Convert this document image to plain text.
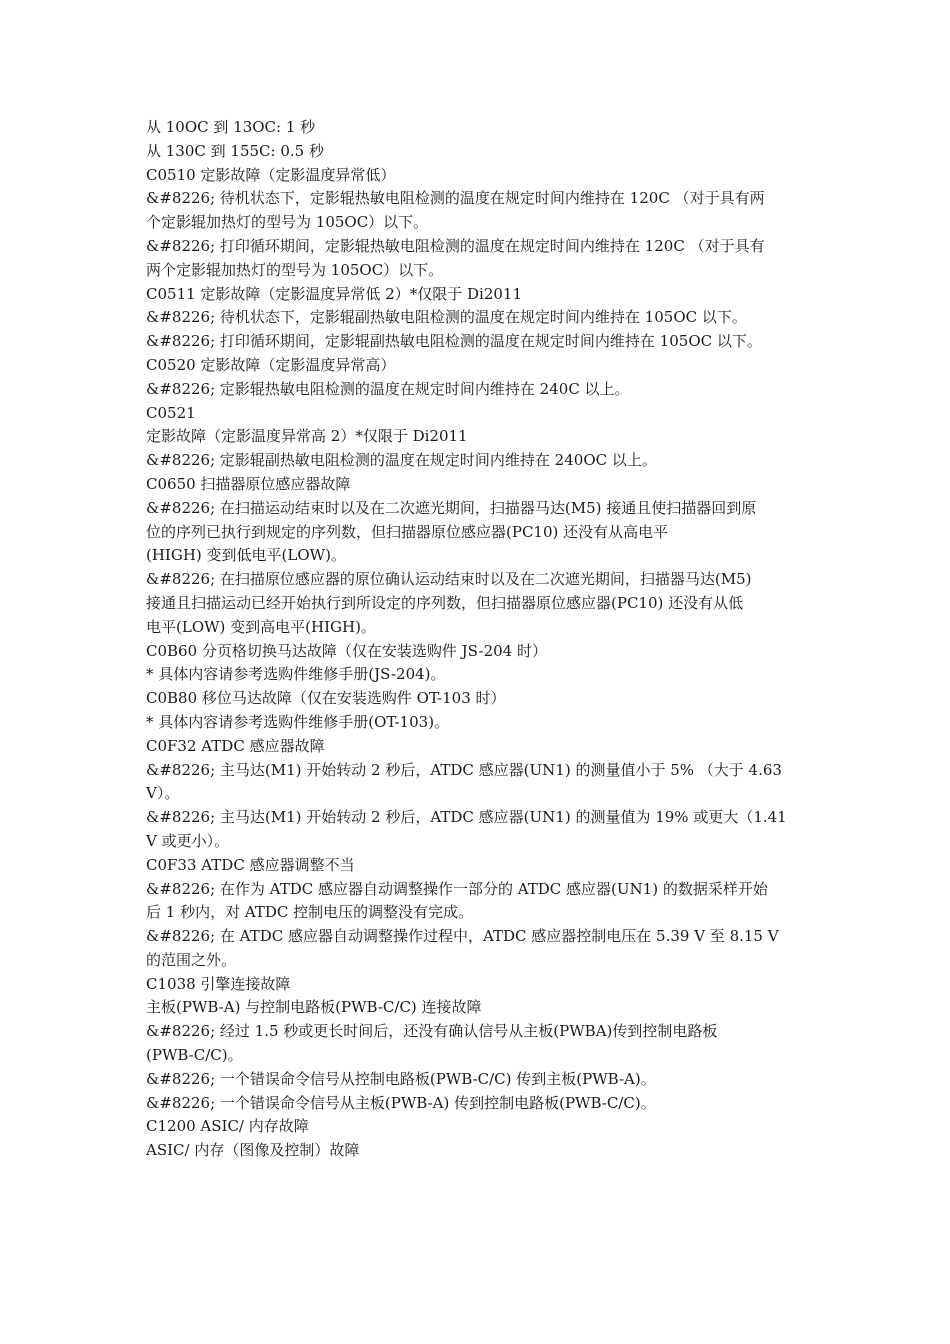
从 10OC 到 13OC: 1 秒
从 130C 到 155C: 0.5 秒
C0510 定影故障（定影温度异常低）
&#8226; 待机状态下，定影辊热敏电阻检测的温度在规定时间内维持在 120C （对于具有两
个定影辊加热灯的型号为 105OC）以下。
&#8226; 打印循环期间，定影辊热敏电阻检测的温度在规定时间内维持在 120C （对于具有
两个定影辊加热灯的型号为 105OC）以下。
C0511 定影故障（定影温度异常低 2）*仅限于 Di2011
&#8226; 待机状态下，定影辊副热敏电阻检测的温度在规定时间内维持在 105OC 以下。
&#8226; 打印循环期间，定影辊副热敏电阻检测的温度在规定时间内维持在 105OC 以下。
C0520 定影故障（定影温度异常高）
&#8226; 定影辊热敏电阻检测的温度在规定时间内维持在 240C 以上。
C0521
定影故障（定影温度异常高 2）*仅限于 Di2011
&#8226; 定影辊副热敏电阻检测的温度在规定时间内维持在 240OC 以上。
C0650 扫描器原位感应器故障
&#8226; 在扫描运动结束时以及在二次遮光期间，扫描器马达(M5) 接通且使扫描器回到原
位的序列已执行到规定的序列数，但扫描器原位感应器(PC10) 还没有从高电平
(HIGH) 变到低电平(LOW)。
&#8226; 在扫描原位感应器的原位确认运动结束时以及在二次遮光期间，扫描器马达(M5)
接通且扫描运动已经开始执行到所设定的序列数，但扫描器原位感应器(PC10) 还没有从低
电平(LOW) 变到高电平(HIGH)。
C0B60 分页格切换马达故障（仅在安装选购件 JS-204 时）
* 具体内容请参考选购件维修手册(JS-204)。
C0B80 移位马达故障（仅在安装选购件 OT-103 时）
* 具体内容请参考选购件维修手册(OT-103)。
C0F32 ATDC 感应器故障
&#8226; 主马达(M1) 开始转动 2 秒后，ATDC 感应器(UN1) 的测量值小于 5% （大于 4.63
V）。
&#8226; 主马达(M1) 开始转动 2 秒后，ATDC 感应器(UN1) 的测量值为 19% 或更大（1.41
V 或更小）。
C0F33 ATDC 感应器调整不当
&#8226; 在作为 ATDC 感应器自动调整操作一部分的 ATDC 感应器(UN1) 的数据采样开始
后 1 秒内，对 ATDC 控制电压的调整没有完成。
&#8226; 在 ATDC 感应器自动调整操作过程中，ATDC 感应器控制电压在 5.39 V 至 8.15 V
的范围之外。
C1038 引擎连接故障
主板(PWB-A) 与控制电路板(PWB-C/C) 连接故障
&#8226; 经过 1.5 秒或更长时间后，还没有确认信号从主板(PWBA)传到控制电路板
(PWB-C/C)。
&#8226; 一个错误命令信号从控制电路板(PWB-C/C) 传到主板(PWB-A)。
&#8226; 一个错误命令信号从主板(PWB-A) 传到控制电路板(PWB-C/C)。
C1200 ASIC/ 内存故障
ASIC/ 内存（图像及控制）故障
